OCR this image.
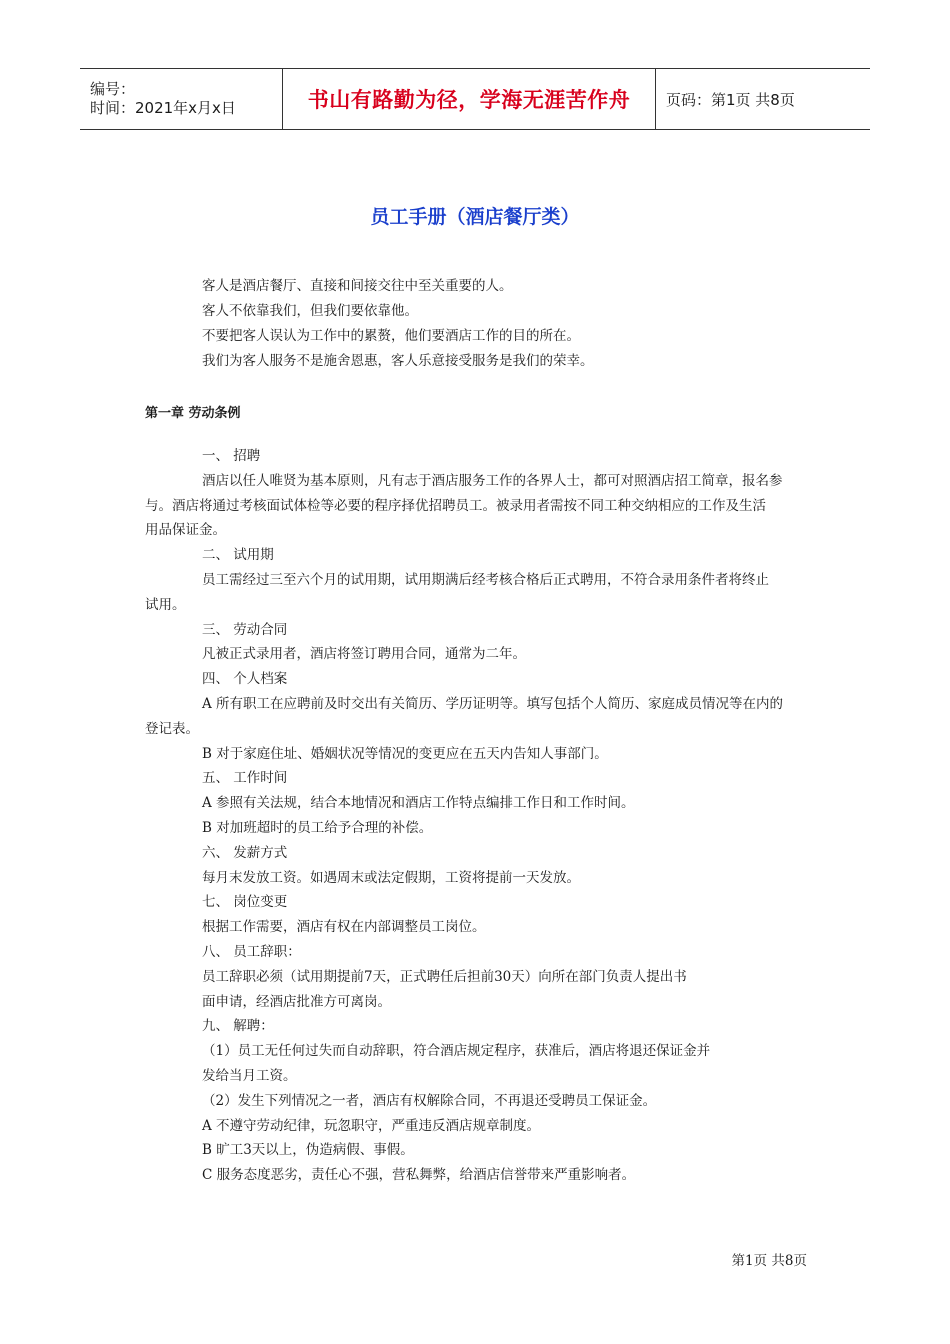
编号：
时间：2021年x月x日	书山有路勤为径，学海无涯苦作舟	页码：第1页 共8页
员工手册（酒店餐厅类）

客人是酒店餐厅、直接和间接交往中至关重要的人。

客人不依靠我们，但我们要依靠他。

不要把客人误认为工作中的累赘，他们要酒店工作的目的所在。

我们为客人服务不是施舍恩惠，客人乐意接受服务是我们的荣幸。

第一章 劳动条例
一、 招聘
酒店以任人唯贤为基本原则，凡有志于酒店服务工作的各界人士，都可对照酒店招工简章，报名参
与。酒店将通过考核面试体检等必要的程序择优招聘员工。被录用者需按不同工种交纳相应的工作及生活
用品保证金。
二、 试用期
员工需经过三至六个月的试用期，试用期满后经考核合格后正式聘用，不符合录用条件者将终止
试用。
三、 劳动合同
凡被正式录用者，酒店将签订聘用合同，通常为二年。
四、 个人档案
A 所有职工在应聘前及时交出有关简历、学历证明等。填写包括个人简历、家庭成员情况等在内的
登记表。
B 对于家庭住址、婚姻状况等情况的变更应在五天内告知人事部门。
五、 工作时间
A 参照有关法规，结合本地情况和酒店工作特点编排工作日和工作时间。
B 对加班超时的员工给予合理的补偿。
六、 发薪方式
每月末发放工资。如遇周末或法定假期，工资将提前一天发放。
七、 岗位变更
根据工作需要，酒店有权在内部调整员工岗位。
八、 员工辞职：
员工辞职必须（试用期提前7天，正式聘任后担前30天）向所在部门负责人提出书
面申请，经酒店批准方可离岗。
九、 解聘：
（1）员工无任何过失而自动辞职，符合酒店规定程序，获准后，酒店将退还保证金并
发给当月工资。
（2）发生下列情况之一者，酒店有权解除合同，不再退还受聘员工保证金。
A 不遵守劳动纪律，玩忽职守，严重违反酒店规章制度。
B 旷工3天以上，伪造病假、事假。
C 服务态度恶劣，责任心不强，营私舞弊，给酒店信誉带来严重影响者。
第1页 共8页
